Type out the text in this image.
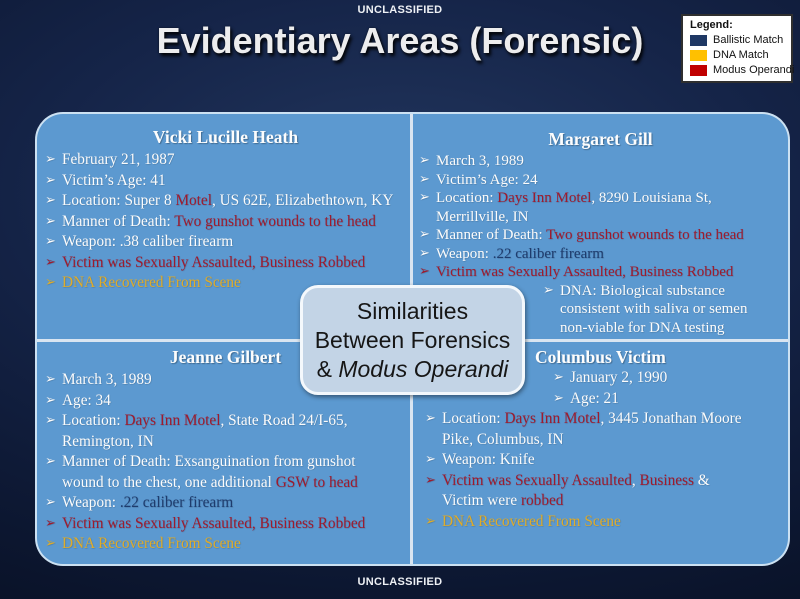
UNCLASSIFIED
Evidentiary Areas (Forensic)	Legend:
Ballistic Match
DNA Match
Modus Operandi
Vicki Lucille Heath
➢ February 21, 1987
➢ Victim’s Age: 41
➢ Location: Super 8 Motel, US 62E, Elizabethtown, KY
➢ Manner of Death: Two gunshot wounds to the head
➢ Weapon: .38 caliber firearm
➢ Victim was Sexually Assaulted, Business Robbed
➢ DNA Recovered From Scene
Margaret Gill
➢ March 3, 1989
➢ Victim’s Age: 24
➢ Location: Days Inn Motel, 8290 Louisiana St,
Merrillville, IN
➢ Manner of Death: Two gunshot wounds to the head
➢ Weapon: .22 caliber firearm
➢ Victim was Sexually Assaulted, Business Robbed
➢ DNA: Biological substance
consistent with saliva or semen
non-viable for DNA testing
Jeanne Gilbert
➢ March 3, 1989
➢ Age: 34
➢ Location: Days Inn Motel, State Road 24/I-65,
Remington, IN
➢ Manner of Death: Exsanguination from gunshot
wound to the chest, one additional GSW to head
➢ Weapon: .22 caliber firearm
➢ Victim was Sexually Assaulted, Business Robbed
➢ DNA Recovered From Scene
Columbus Victim
➢ January 2, 1990
➢ Age: 21
➢ Location: Days Inn Motel, 3445 Jonathan Moore
Pike, Columbus, IN
➢ Weapon: Knife
➢ Victim was Sexually Assaulted, Business &
Victim were robbed
➢ DNA Recovered From Scene
Similarities
Between Forensics
& Modus Operandi
UNCLASSIFIED
